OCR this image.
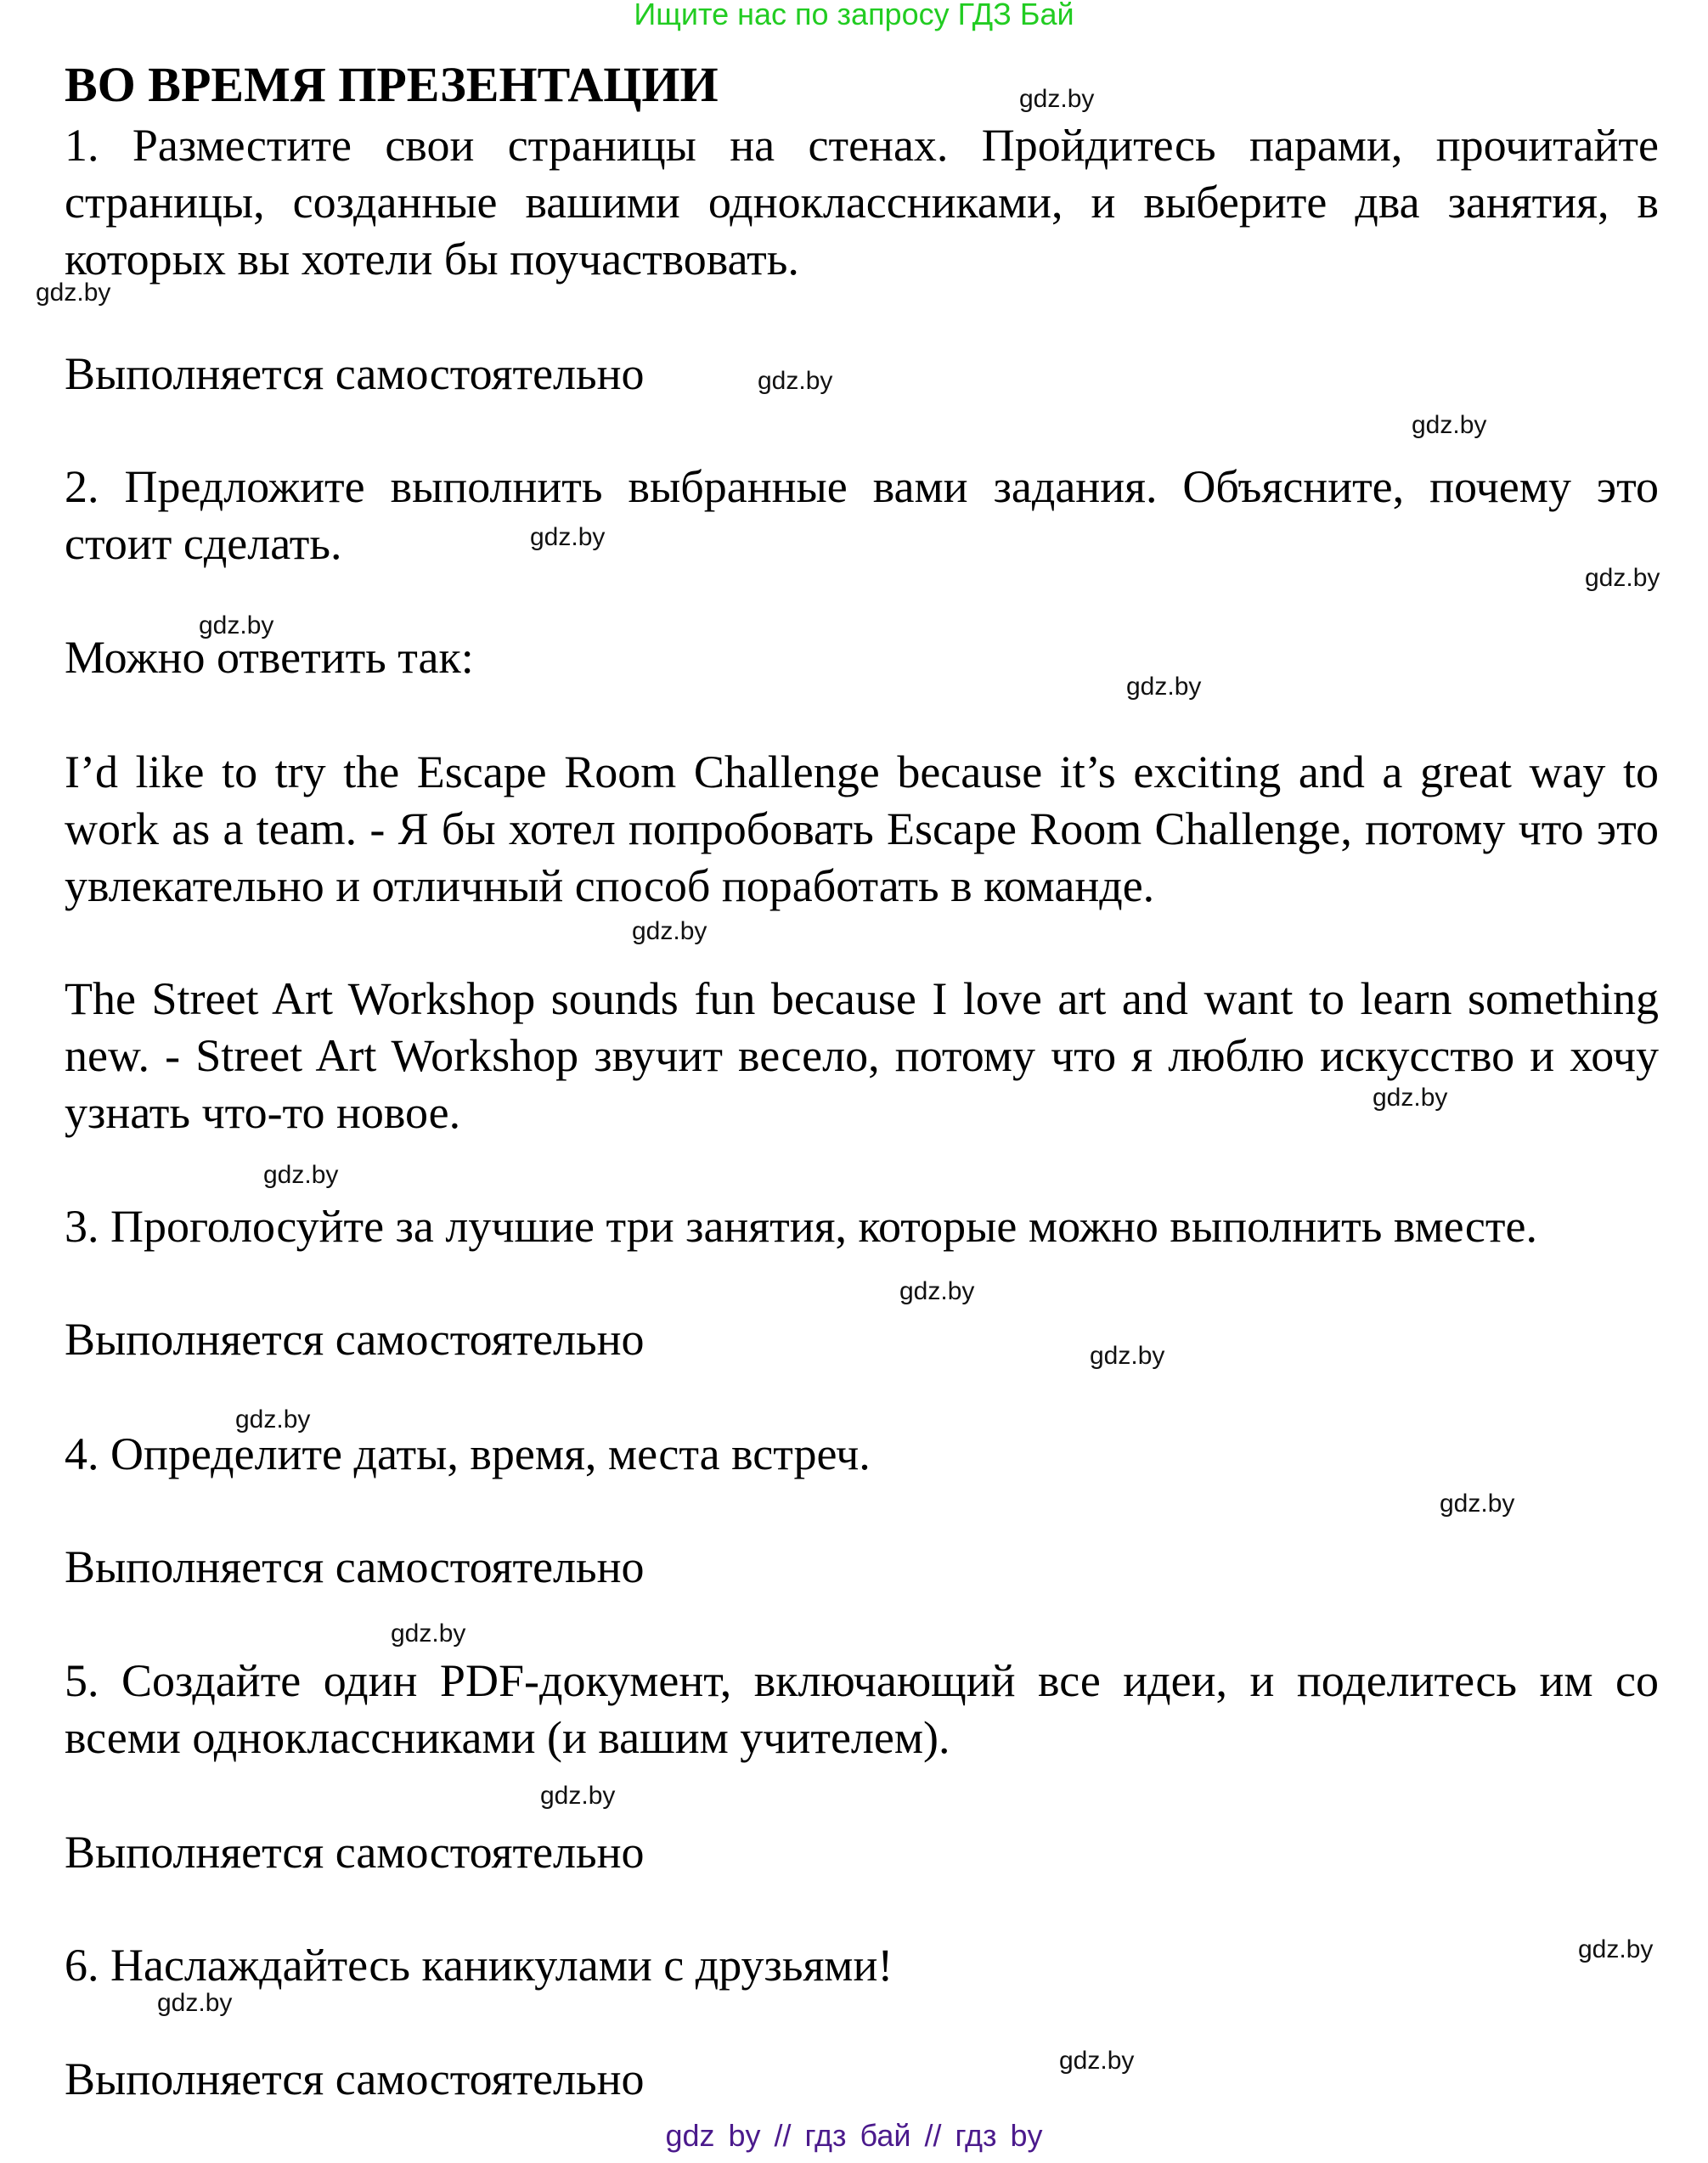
Ищите нас по запросу ГДЗ Бай
ВО ВРЕМЯ ПРЕЗЕНТАЦИИ
1. Разместите свои страницы на стенах. Пройдитесь парами, прочитайте страницы, созданные вашими одноклассниками, и выберите два занятия, в которых вы хотели бы поучаствовать.
Выполняется самостоятельно
2. Предложите выполнить выбранные вами задания. Объясните, почему это стоит сделать.
Можно ответить так:
I’d like to try the Escape Room Challenge because it’s exciting and a great way to work as a team. - Я бы хотел попробовать Escape Room Challenge, потому что это увлекательно и отличный способ поработать в команде.
The Street Art Workshop sounds fun because I love art and want to learn something new. - Street Art Workshop звучит весело, потому что я люблю искусство и хочу узнать что-то новое.
3. Проголосуйте за лучшие три занятия, которые можно выполнить вместе.
Выполняется самостоятельно
4. Определите даты, время, места встреч.
Выполняется самостоятельно
5. Создайте один PDF-документ, включающий все идеи, и поделитесь им со всеми одноклассниками (и вашим учителем).
Выполняется самостоятельно
6. Наслаждайтесь каникулами с друзьями!
Выполняется самостоятельно
gdz.by
gdz.by
gdz.by
gdz.by
gdz.by
gdz.by
gdz.by
gdz.by
gdz.by
gdz.by
gdz.by
gdz.by
gdz.by
gdz.by
gdz.by
gdz.by
gdz.by
gdz.by
gdz.by
gdz.by
gdz by // гдз бай // гдз by
